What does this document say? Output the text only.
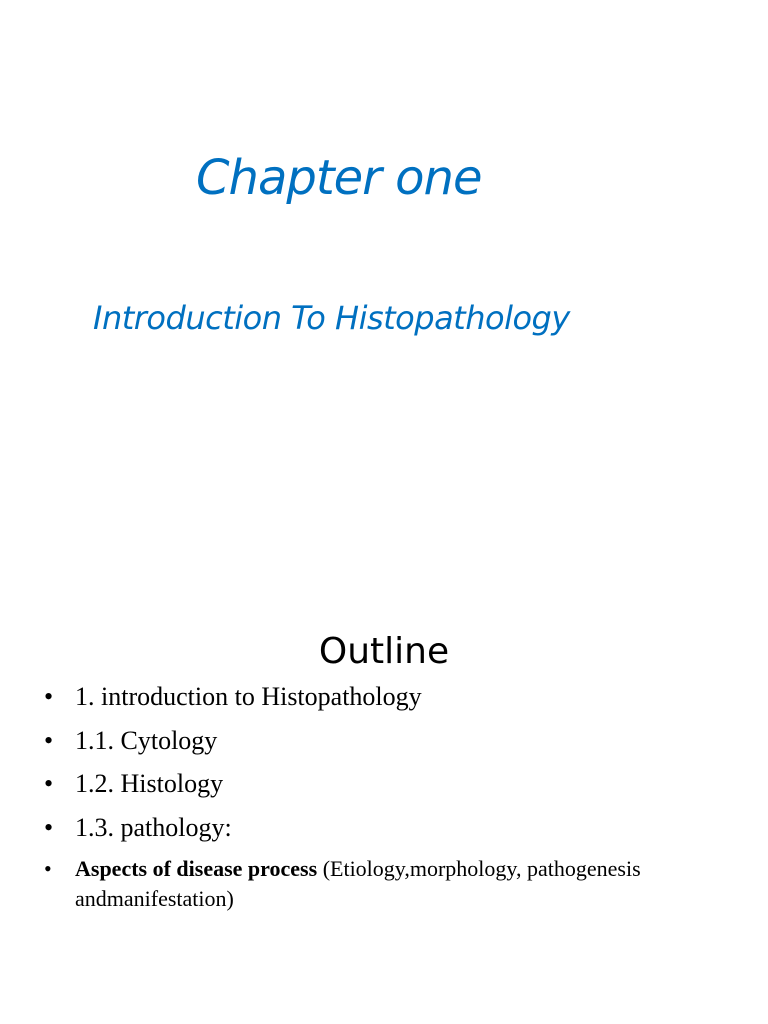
Chapter one
Introduction To Histopathology
Outline
• 1. introduction to Histopathology
• 1.1. Cytology
• 1.2. Histology
• 1.3. pathology:
• Aspects of disease process (Etiology,morphology, pathogenesis andmanifestation)
